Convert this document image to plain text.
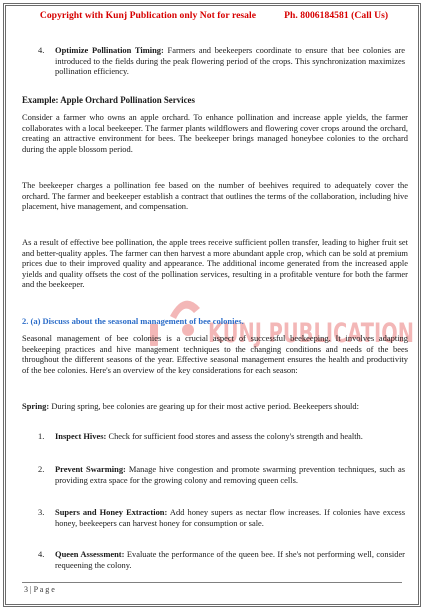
Copyright with Kunj Publication only Not for resale	Ph. 8006184581 (Call Us)
KUNJ PUBLICATION
4. Optimize Pollination Timing: Farmers and beekeepers coordinate to ensure that bee colonies are introduced to the fields during the peak flowering period of the crops. This synchronization maximizes pollination efficiency.

Example: Apple Orchard Pollination Services

Consider a farmer who owns an apple orchard. To enhance pollination and increase apple yields, the farmer collaborates with a local beekeeper. The farmer plants wildflowers and flowering cover crops around the orchard, creating an attractive environment for bees. The beekeeper brings managed honeybee colonies to the orchard during the apple blossom period.

The beekeeper charges a pollination fee based on the number of beehives required to adequately cover the orchard. The farmer and beekeeper establish a contract that outlines the terms of the collaboration, including hive placement, hive management, and compensation.

As a result of effective bee pollination, the apple trees receive sufficient pollen transfer, leading to higher fruit set and better-quality apples. The farmer can then harvest a more abundant apple crop, which can be sold at premium prices due to their improved quality and appearance. The additional income generated from the increased apple yields and quality offsets the cost of the pollination services, resulting in a profitable venture for both the farmer and the beekeeper.

2. (a) Discuss about the seasonal management of bee colonies.

Seasonal management of bee colonies is a crucial aspect of successful beekeeping. It involves adapting beekeeping practices and hive management techniques to the changing conditions and needs of the bees throughout the different seasons of the year. Effective seasonal management ensures the health and productivity of the bee colonies. Here's an overview of the key considerations for each season:

Spring: During spring, bee colonies are gearing up for their most active period. Beekeepers should:

1. Inspect Hives: Check for sufficient food stores and assess the colony's strength and health.
2. Prevent Swarming: Manage hive congestion and promote swarming prevention techniques, such as providing extra space for the growing colony and removing queen cells.
3. Supers and Honey Extraction: Add honey supers as nectar flow increases. If colonies have excess honey, beekeepers can harvest honey for consumption or sale.
4. Queen Assessment: Evaluate the performance of the queen bee. If she's not performing well, consider requeening the colony.
3 | P a g e
